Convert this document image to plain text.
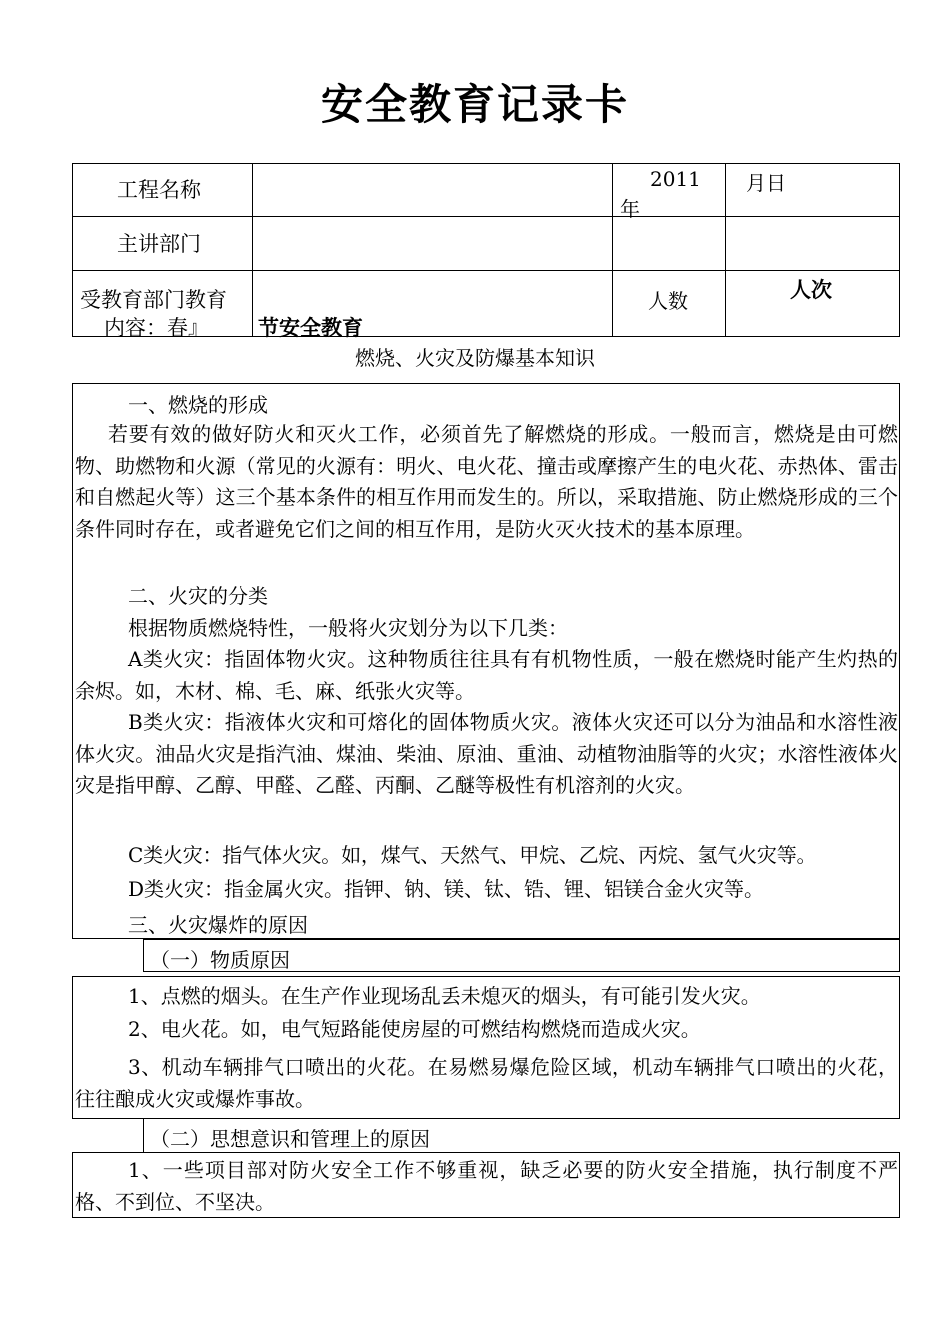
安全教育记录卡
工程名称	2011
年
月日
主讲部门
受教育部门教育
内容：春』 节安全教育
人数	人次
燃烧、火灾及防爆基本知识
一、燃烧的形成
若要有效的做好防火和灭火工作，必须首先了解燃烧的形成。一般而言，燃烧是由可燃物、助燃物和火源（常见的火源有：明火、电火花、撞击或摩擦产生的电火花、赤热体、雷击和自燃起火等）这三个基本条件的相互作用而发生的。所以，采取措施、防止燃烧形成的三个条件同时存在，或者避免它们之间的相互作用，是防火灭火技术的基本原理。
二、火灾的分类
根据物质燃烧特性，一般将火灾划分为以下几类：
A类火灾：指固体物火灾。这种物质往往具有有机物性质，一般在燃烧时能产生灼热的余烬。如，木材、棉、毛、麻、纸张火灾等。
B类火灾：指液体火灾和可熔化的固体物质火灾。液体火灾还可以分为油品和水溶性液体火灾。油品火灾是指汽油、煤油、柴油、原油、重油、动植物油脂等的火灾；水溶性液体火灾是指甲醇、乙醇、甲醛、乙醛、丙酮、乙醚等极性有机溶剂的火灾。
C类火灾：指气体火灾。如，煤气、天然气、甲烷、乙烷、丙烷、氢气火灾等。
D类火灾：指金属火灾。指钾、钠、镁、钛、锆、锂、铝镁合金火灾等。
三、火灾爆炸的原因
（一）物质原因
1、点燃的烟头。在生产作业现场乱丢未熄灭的烟头，有可能引发火灾。
2、电火花。如，电气短路能使房屋的可燃结构燃烧而造成火灾。
3、机动车辆排气口喷出的火花。在易燃易爆危险区域，机动车辆排气口喷出的火花，往往酿成火灾或爆炸事故。
（二）思想意识和管理上的原因
1、一些项目部对防火安全工作不够重视，缺乏必要的防火安全措施，执行制度不严格、不到位、不坚决。
